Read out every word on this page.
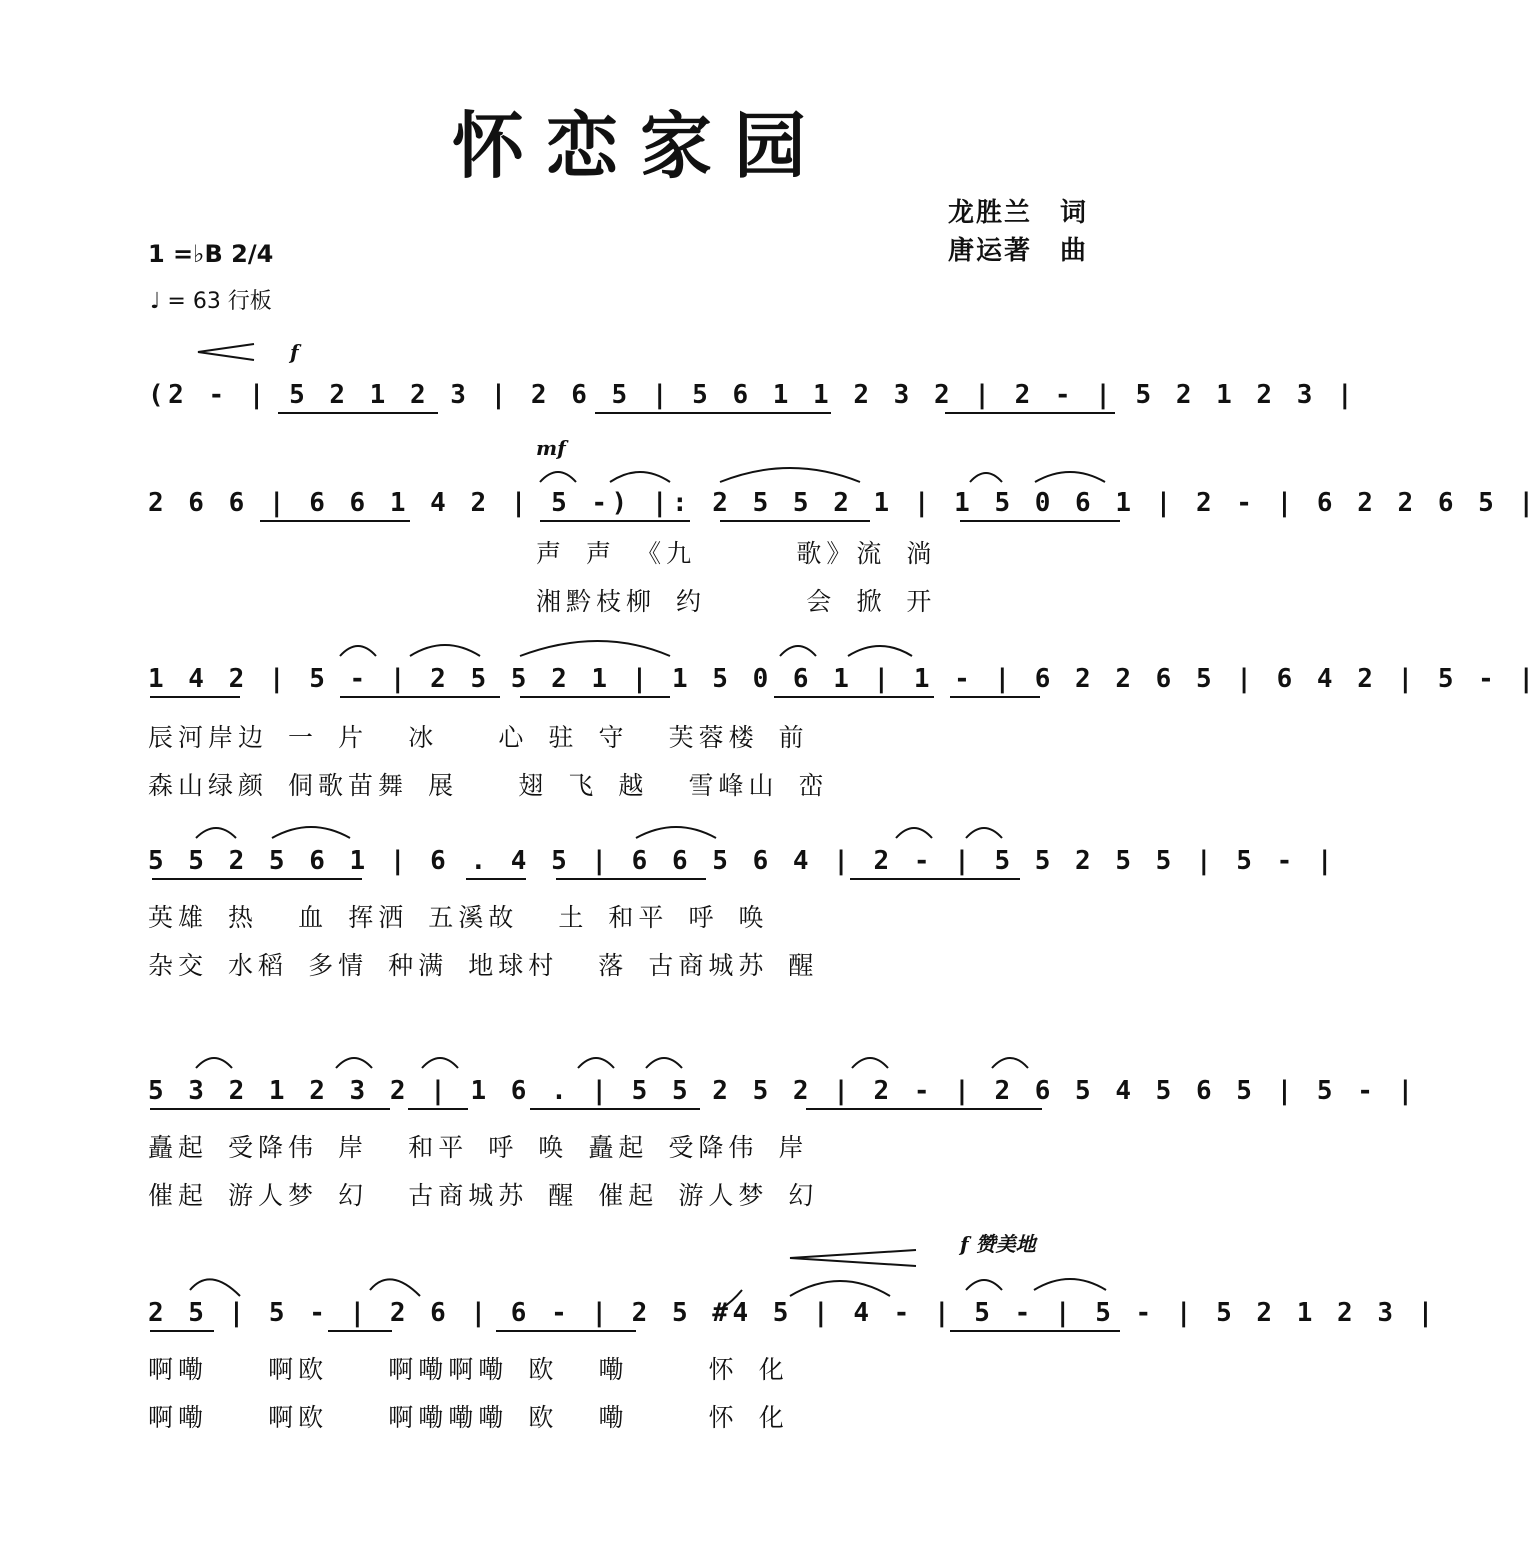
怀恋家园
龙胜兰 词
唐运著 曲
1 =♭B 2/4
♩ = 63 行板
f
(2 - | 5 2 1 2 3 | 2 6 5 | 5 6 1 1 2 3 2 | 2 - | 5 2 1 2 3 |
mf
2 6 6 | 6 6 1 4 2 | 5 -) |: 2 5 5 2 1 | 1 5 0 6 1 | 2 - | 6 2 2 6 5 |
声 声 《九     歌》流 淌
湘黔枝柳 约     会 掀 开
1 4 2 | 5 - | 2 5 5 2 1 | 1 5 0 6 1 | 1 - | 6 2 2 6 5 | 6 4 2 | 5 - |
辰河岸边 一 片  冰   心 驻 守  芙蓉楼 前
森山绿颜 侗歌苗舞 展   翅 飞 越  雪峰山 峦
5 5 2 5 6 1 | 6 . 4 5 | 6 6 5 6 4 | 2 - | 5 5 2 5 5 | 5 - |
英雄 热  血 挥洒 五溪故  土 和平 呼 唤
杂交 水稻 多情 种满 地球村  落 古商城苏 醒
5 3 2 1 2 3 2 | 1 6 . | 5 5 2 5 2 | 2 - | 2 6 5 4 5 6 5 | 5 - |
矗起 受降伟 岸  和平 呼 唤 矗起 受降伟 岸
催起 游人梦 幻  古商城苏 醒 催起 游人梦 幻
f 赞美地
2 5 | 5 - | 2 6 | 6 - | 2 5 #4 5 | 4 - | 5 - | 5 - | 5 2 1 2 3 |
啊嘞   啊欧   啊嘞啊嘞 欧  嘞    怀 化
啊嘞   啊欧   啊嘞嘞嘞 欧  嘞    怀 化
